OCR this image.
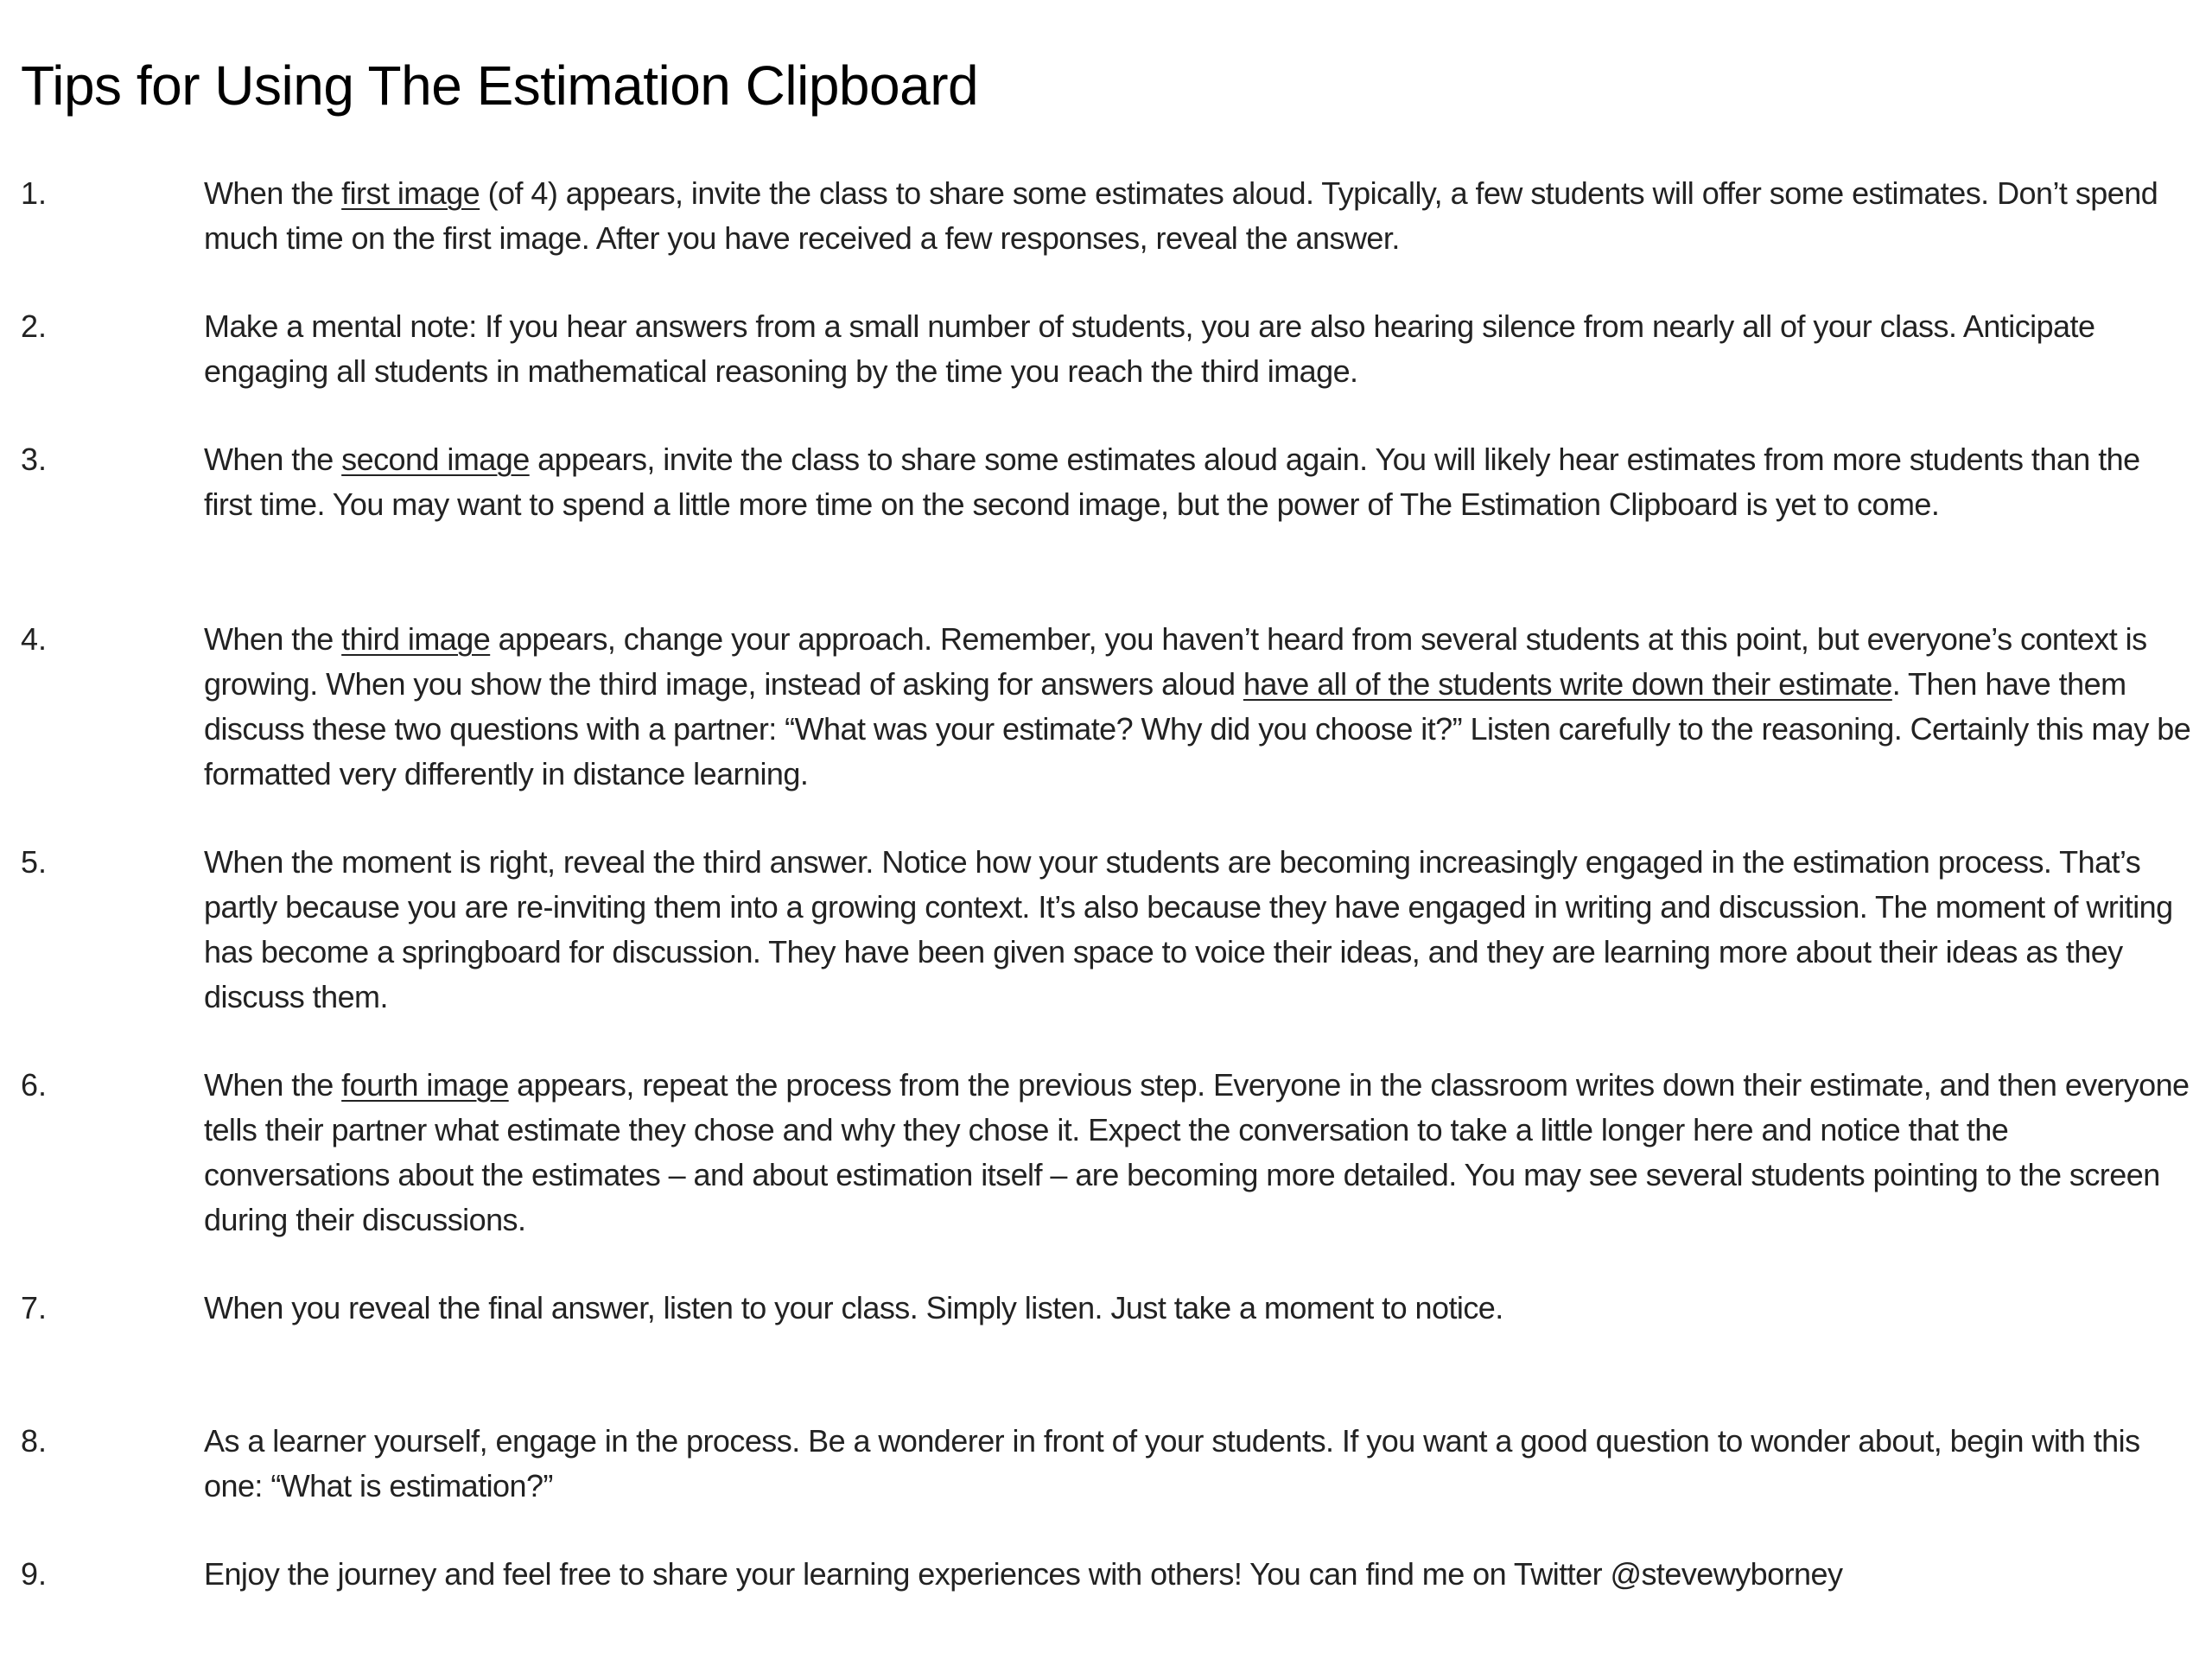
Tips for Using The Estimation Clipboard
1.	When the first image (of 4) appears, invite the class to share some estimates aloud. Typically, a few students will offer some estimates. Don’t spend much time on the first image. After you have received a few responses, reveal the answer.
2.	Make a mental note: If you hear answers from a small number of students, you are also hearing silence from nearly all of your class. Anticipate engaging all students in mathematical reasoning by the time you reach the third image.
3.	When the second image appears, invite the class to share some estimates aloud again. You will likely hear estimates from more students than the first time. You may want to spend a little more time on the second image, but the power of The Estimation Clipboard is yet to come.
4.	When the third image appears, change your approach. Remember, you haven’t heard from several students at this point, but everyone’s context is growing. When you show the third image, instead of asking for answers aloud have all of the students write down their estimate. Then have them discuss these two questions with a partner: “What was your estimate? Why did you choose it?” Listen carefully to the reasoning. Certainly this may be formatted very differently in distance learning.
5.	When the moment is right, reveal the third answer. Notice how your students are becoming increasingly engaged in the estimation process. That’s partly because you are re-inviting them into a growing context. It’s also because they have engaged in writing and discussion. The moment of writing has become a springboard for discussion. They have been given space to voice their ideas, and they are learning more about their ideas as they discuss them.
6.	When the fourth image appears, repeat the process from the previous step. Everyone in the classroom writes down their estimate, and then everyone tells their partner what estimate they chose and why they chose it. Expect the conversation to take a little longer here and notice that the conversations about the estimates – and about estimation itself – are becoming more detailed. You may see several students pointing to the screen during their discussions.
7.	When you reveal the final answer, listen to your class. Simply listen. Just take a moment to notice.
8.	As a learner yourself, engage in the process. Be a wonderer in front of your students. If you want a good question to wonder about, begin with this one: “What is estimation?”
9.	Enjoy the journey and feel free to share your learning experiences with others! You can find me on Twitter @stevewyborney
